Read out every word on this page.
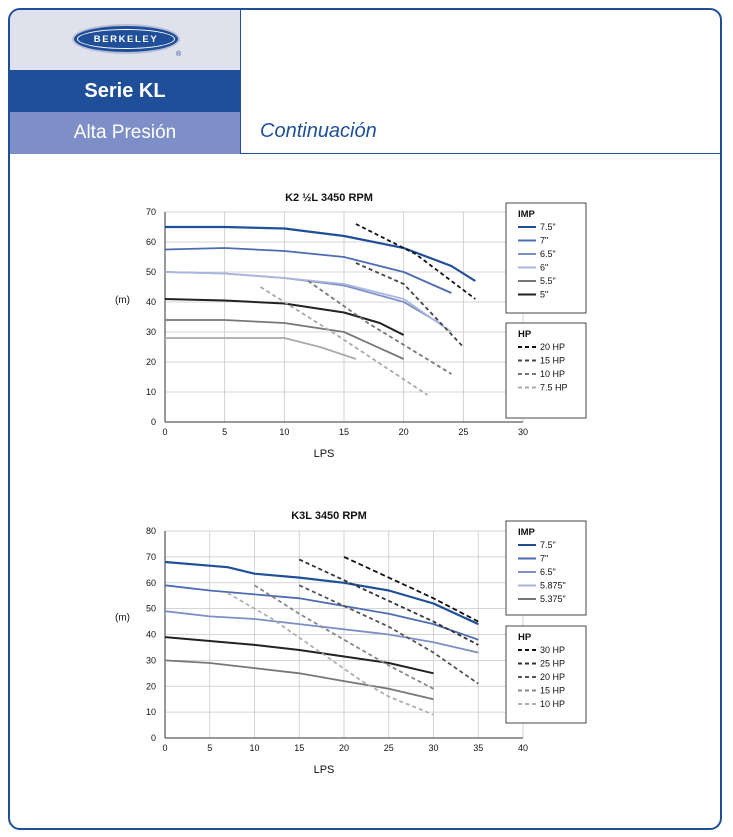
BERKELEY
®
Serie KL
Alta Presión	Continuación
K2 ½L 3450 RPM
0
10
20
30
40
50
60
70
0	5	10	15	20	25	30
(m)
LPS
IMP
7.5"
7"
6.5"
6"
5.5"
5"
HP
20 HP
15 HP
10 HP
7.5 HP
K3L 3450 RPM
0
10
20
30
40
50
60
70
80
0	5	10	15	20	25	30	35	40
(m)
LPS
IMP
7.5"
7"
6.5"
5.875"
5.375"
HP
30 HP
25 HP
20 HP
15 HP
10 HP
